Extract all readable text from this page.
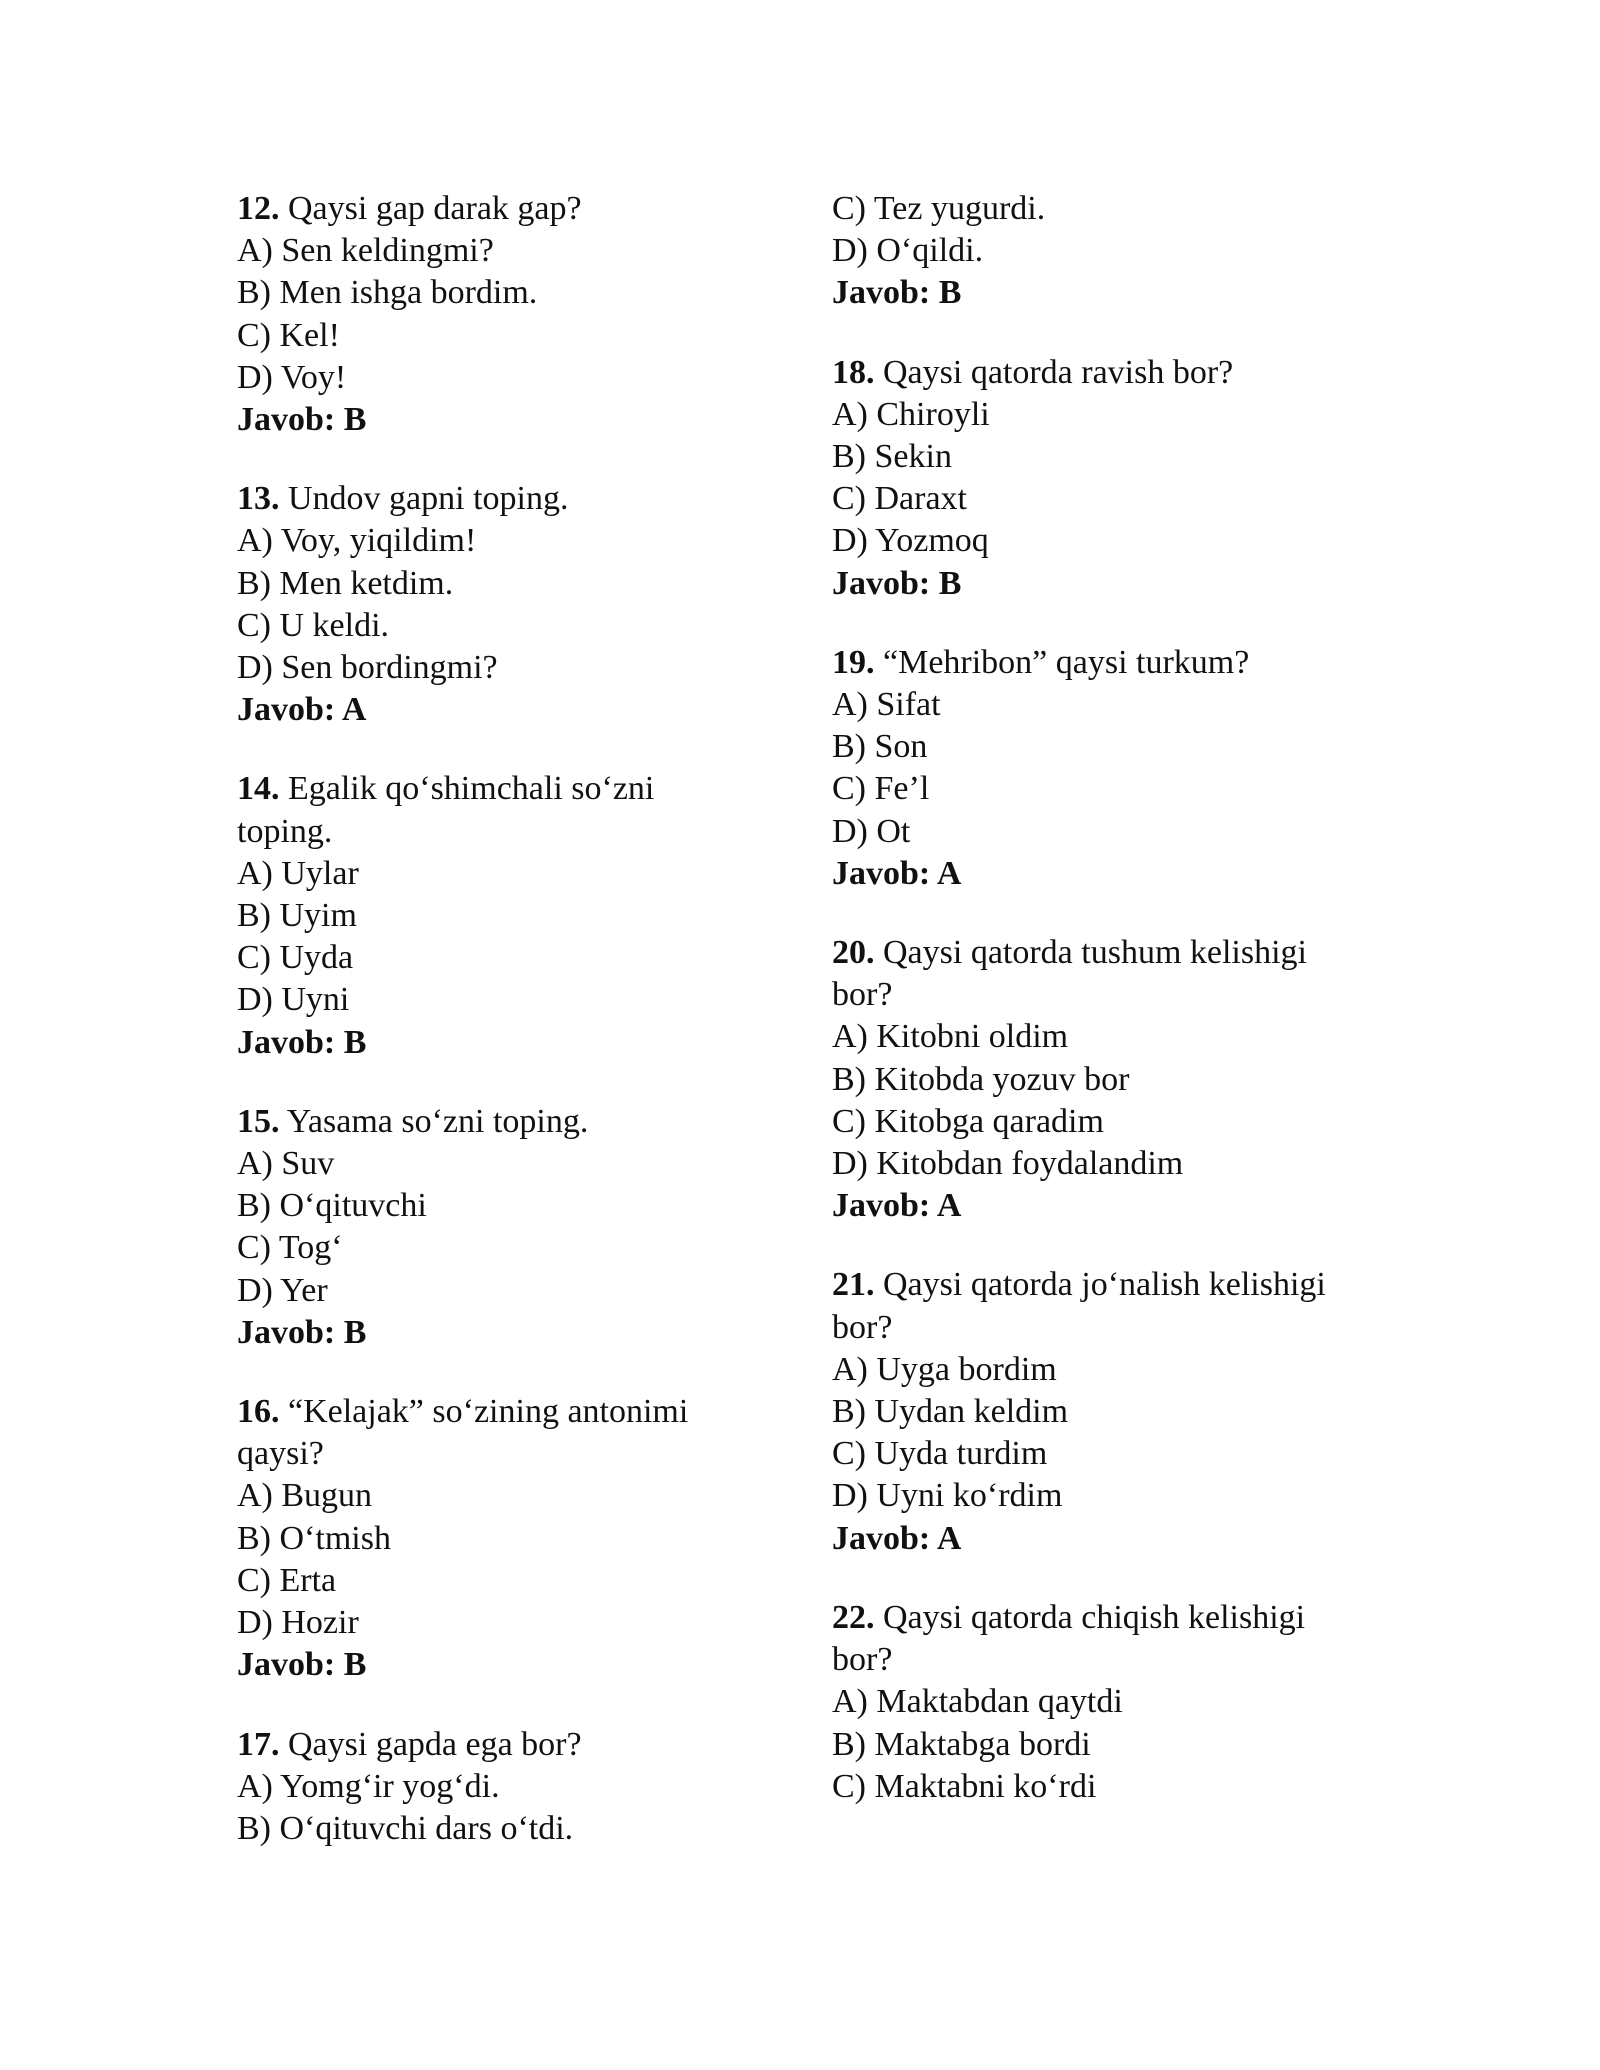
12. Qaysi gap darak gap?
A) Sen keldingmi?
B) Men ishga bordim.
C) Kel!
D) Voy!
Javob: B
13. Undov gapni toping.
A) Voy, yiqildim!
B) Men ketdim.
C) U keldi.
D) Sen bordingmi?
Javob: A
14. Egalik qo‘shimchali so‘zni toping.
A) Uylar
B) Uyim
C) Uyda
D) Uyni
Javob: B
15. Yasama so‘zni toping.
A) Suv
B) O‘qituvchi
C) Tog‘
D) Yer
Javob: B
16. “Kelajak” so‘zining antonimi qaysi?
A) Bugun
B) O‘tmish
C) Erta
D) Hozir
Javob: B
17. Qaysi gapda ega bor?
A) Yomg‘ir yog‘di.
B) O‘qituvchi dars o‘tdi.
C) Tez yugurdi.
D) O‘qildi.
Javob: B
18. Qaysi qatorda ravish bor?
A) Chiroyli
B) Sekin
C) Daraxt
D) Yozmoq
Javob: B
19. “Mehribon” qaysi turkum?
A) Sifat
B) Son
C) Fe’l
D) Ot
Javob: A
20. Qaysi qatorda tushum kelishigi bor?
A) Kitobni oldim
B) Kitobda yozuv bor
C) Kitobga qaradim
D) Kitobdan foydalandim
Javob: A
21. Qaysi qatorda jo‘nalish kelishigi bor?
A) Uyga bordim
B) Uydan keldim
C) Uyda turdim
D) Uyni ko‘rdim
Javob: A
22. Qaysi qatorda chiqish kelishigi bor?
A) Maktabdan qaytdi
B) Maktabga bordi
C) Maktabni ko‘rdi
